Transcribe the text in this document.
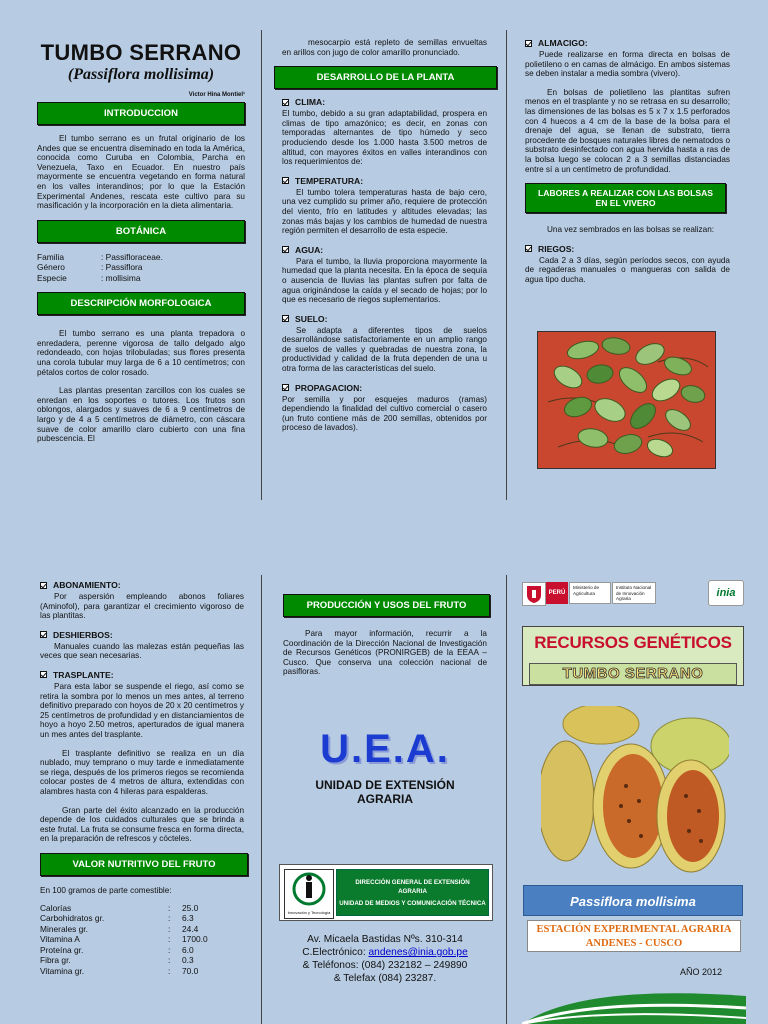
TUMBO SERRANO
(Passiflora mollisima)
Victor Hina Montiel¹
INTRODUCCION

El tumbo serrano es un frutal originario de los Andes que se encuentra diseminado en toda la América, conocida como Curuba en Colombia, Parcha en Venezuela, Taxo en Ecuador. En nuestro país mayormente se encuentra vegetando en forma natural en los valles interandinos; por lo que la Estación Experimental Andenes, rescata este cultivo para su masificación y la incorporación en la dieta alimentaria.

BOTÁNICA
Familia	: Passifloraceae.
Género	: Passiflora
Especie	: mollisima
DESCRIPCIÓN MORFOLOGICA

El tumbo serrano es una planta trepadora o enredadera, perenne vigorosa de tallo delgado algo redondeado, con hojas trilobuladas; sus flores presenta una corola tubular muy larga de 6 a 10 centímetros; con pétalos cortos de color rosado.

Las plantas presentan zarcillos con los cuales se enredan en los soportes o tutores. Los frutos son oblongos, alargados y suaves de 6 a 9 centímetros de largo y de 4 a 5 centímetros de diámetro, con cáscara suave de color amarillo claro cubierto con una fina pubescencia. El

mesocarpio está repleto de semillas envueltas en arillos con jugo de color amarillo pronunciado.

DESARROLLO DE LA PLANTA
CLIMA:
El tumbo, debido a su gran adaptabilidad, prospera en climas de tipo amazónico; es decir, en zonas con temporadas alternantes de tipo húmedo y seco produciendo desde los 1.000 hasta 3.500 metros de altitud, con mayores éxitos en valles interandinos con los requerimientos de:
TEMPERATURA:
El tumbo tolera temperaturas hasta de bajo cero, una vez cumplido su primer año, requiere de protección del viento, frío en latitudes y altitudes elevadas; las zonas más bajas y los cambios de humedad de nuestra región permiten el desarrollo de esta especie.
AGUA:
Para el tumbo, la lluvia proporciona mayormente la humedad que la planta necesita. En la época de sequía o ausencia de lluvias las plantas sufren por falta de agua originándose la caída y el secado de hojas; por lo que es necesario de riegos suplementarios.
SUELO:
Se adapta a diferentes tipos de suelos desarrollándose satisfactoriamente en un amplio rango de suelos de valles y quebradas de nuestra zona, la productividad y calidad de la fruta dependen de una u otra forma de las características del suelo.
PROPAGACION:
Por semilla y por esquejes maduros (ramas) dependiendo la finalidad del cultivo comercial o casero (un fruto contiene más de 200 semillas, obtenidos por proceso de lavados).
ALMACIGO:
Puede realizarse en forma directa en bolsas de polietileno o en camas de almácigo. En ambos sistemas se deben instalar a media sombra (vivero).

En bolsas de polietileno las plantitas sufren menos en el trasplante y no se retrasa en su desarrollo; las dimensiones de las bolsas es 5 x 7 x 1.5 perforados con 4 huecos a 4 cm de la base de la bolsa para el drenaje del agua, se llenan de substrato, tierra procedente de bosques naturales libres de nematodos o substrato desinfectado con agua hervida hasta a ras de la bolsa luego se colocan 2 a 3 semillas distanciadas entre sí a un centímetro de profundidad.

LABORES A REALIZAR CON LAS BOLSAS EN EL VIVERO

Una vez sembrados en las bolsas se realizan:

RIEGOS:
Cada 2 a 3 días, según períodos secos, con ayuda de regaderas manuales o mangueras con salida de agua tipo ducha.
ABONAMIENTO:
Por aspersión empleando abonos foliares (Aminofol), para garantizar el crecimiento vigoroso de las plantitas.
DESHIERBOS:
Manuales cuando las malezas están pequeñas las veces que sean necesarias.
TRASPLANTE:
Para esta labor se suspende el riego, así como se retira la sombra por lo menos un mes antes, al terreno definitivo preparado con hoyos de 20 x 20 centímetros y 25 centímetros de profundidad y en distanciamientos de hoyo a hoyo 2.50 metros, aperturados de igual manera un mes antes del trasplante.

El trasplante definitivo se realiza en un día nublado, muy temprano o muy tarde e inmediatamente se riega, después de los primeros riegos se recomienda colocar postes de 4 metros de altura, extendidas con alambres hasta con 4 hileras para espalderas.

Gran parte del éxito alcanzado en la producción depende de los cuidados culturales que se brinda a este frutal. La fruta se consume fresca en forma directa, en la preparación de refrescos y cócteles.

VALOR NUTRITIVO DEL FRUTO
En 100 gramos de parte comestible:
Calorías	:	25.0
Carbohidratos gr.	:	6.3
Minerales gr.	:	24.4
Vitamina A	:	1700.0
Proteína gr.	:	6.0
Fibra gr.	:	0.3
Vitamina gr.	:	70.0
PRODUCCIÓN Y USOS DEL FRUTO

Para mayor información, recurrir a la Coordinación de la Dirección Nacional de Investigación de Recursos Genéticos (PRONIRGEB) de la EEAA – Cusco. Que conserva una colección nacional de pasifloras.

U.E.A.
UNIDAD DE EXTENSIÓN
AGRARIA
Innovación y Tecnología
DIRECCIÓN GENERAL DE EXTENSIÓN
AGRARIA
UNIDAD DE MEDIOS Y COMUNICACIÓN TÉCNICA
Av. Micaela Bastidas Nºs. 310-314
C.Electrónico: andenes@inia.gob.pe
& Teléfonos: (084) 232182 – 249890
& Telefax (084) 23287.
PERÚ
Ministerio de Agricultura
Instituto Nacional de Innovación Agraria	inia
RECURSOS GENÉTICOS
TUMBO SERRANO
Passiflora mollisima
ESTACIÓN EXPERIMENTAL AGRARIA
ANDENES - CUSCO
AÑO 2012
